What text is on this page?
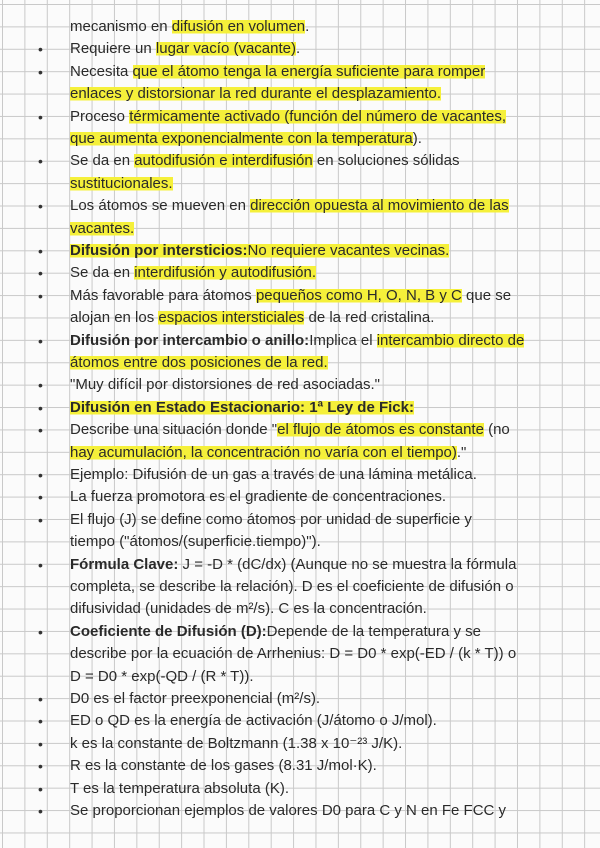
mecanismo en difusión en volumen.
• Requiere un lugar vacío (vacante).
• Necesita que el átomo tenga la energía suficiente para romper
enlaces y distorsionar la red durante el desplazamiento.
• Proceso térmicamente activado (función del número de vacantes,
que aumenta exponencialmente con la temperatura).
• Se da en autodifusión e interdifusión en soluciones sólidas
sustitucionales.
• Los átomos se mueven en dirección opuesta al movimiento de las
vacantes.
• Difusión por intersticios:No requiere vacantes vecinas.
• Se da en interdifusión y autodifusión.
• Más favorable para átomos pequeños como H, O, N, B y C que se
alojan en los espacios intersticiales de la red cristalina.
• Difusión por intercambio o anillo:Implica el intercambio directo de
átomos entre dos posiciones de la red.
• "Muy difícil por distorsiones de red asociadas."
• Difusión en Estado Estacionario: 1ª Ley de Fick:
• Describe una situación donde "el flujo de átomos es constante (no
hay acumulación, la concentración no varía con el tiempo)."
• Ejemplo: Difusión de un gas a través de una lámina metálica.
• La fuerza promotora es el gradiente de concentraciones.
• El flujo (J) se define como átomos por unidad de superficie y
tiempo ("átomos/(superficie.tiempo)").
• Fórmula Clave: J = -D * (dC/dx) (Aunque no se muestra la fórmula
completa, se describe la relación). D es el coeficiente de difusión o
difusividad (unidades de m²/s). C es la concentración.
• Coeficiente de Difusión (D):Depende de la temperatura y se
describe por la ecuación de Arrhenius: D = D0 * exp(-ED / (k * T)) o
D = D0 * exp(-QD / (R * T)).
• D0 es el factor preexponencial (m²/s).
• ED o QD es la energía de activación (J/átomo o J/mol).
• k es la constante de Boltzmann (1.38 x 10⁻²³ J/K).
• R es la constante de los gases (8.31 J/mol·K).
• T es la temperatura absoluta (K).
• Se proporcionan ejemplos de valores D0 para C y N en Fe FCC y
